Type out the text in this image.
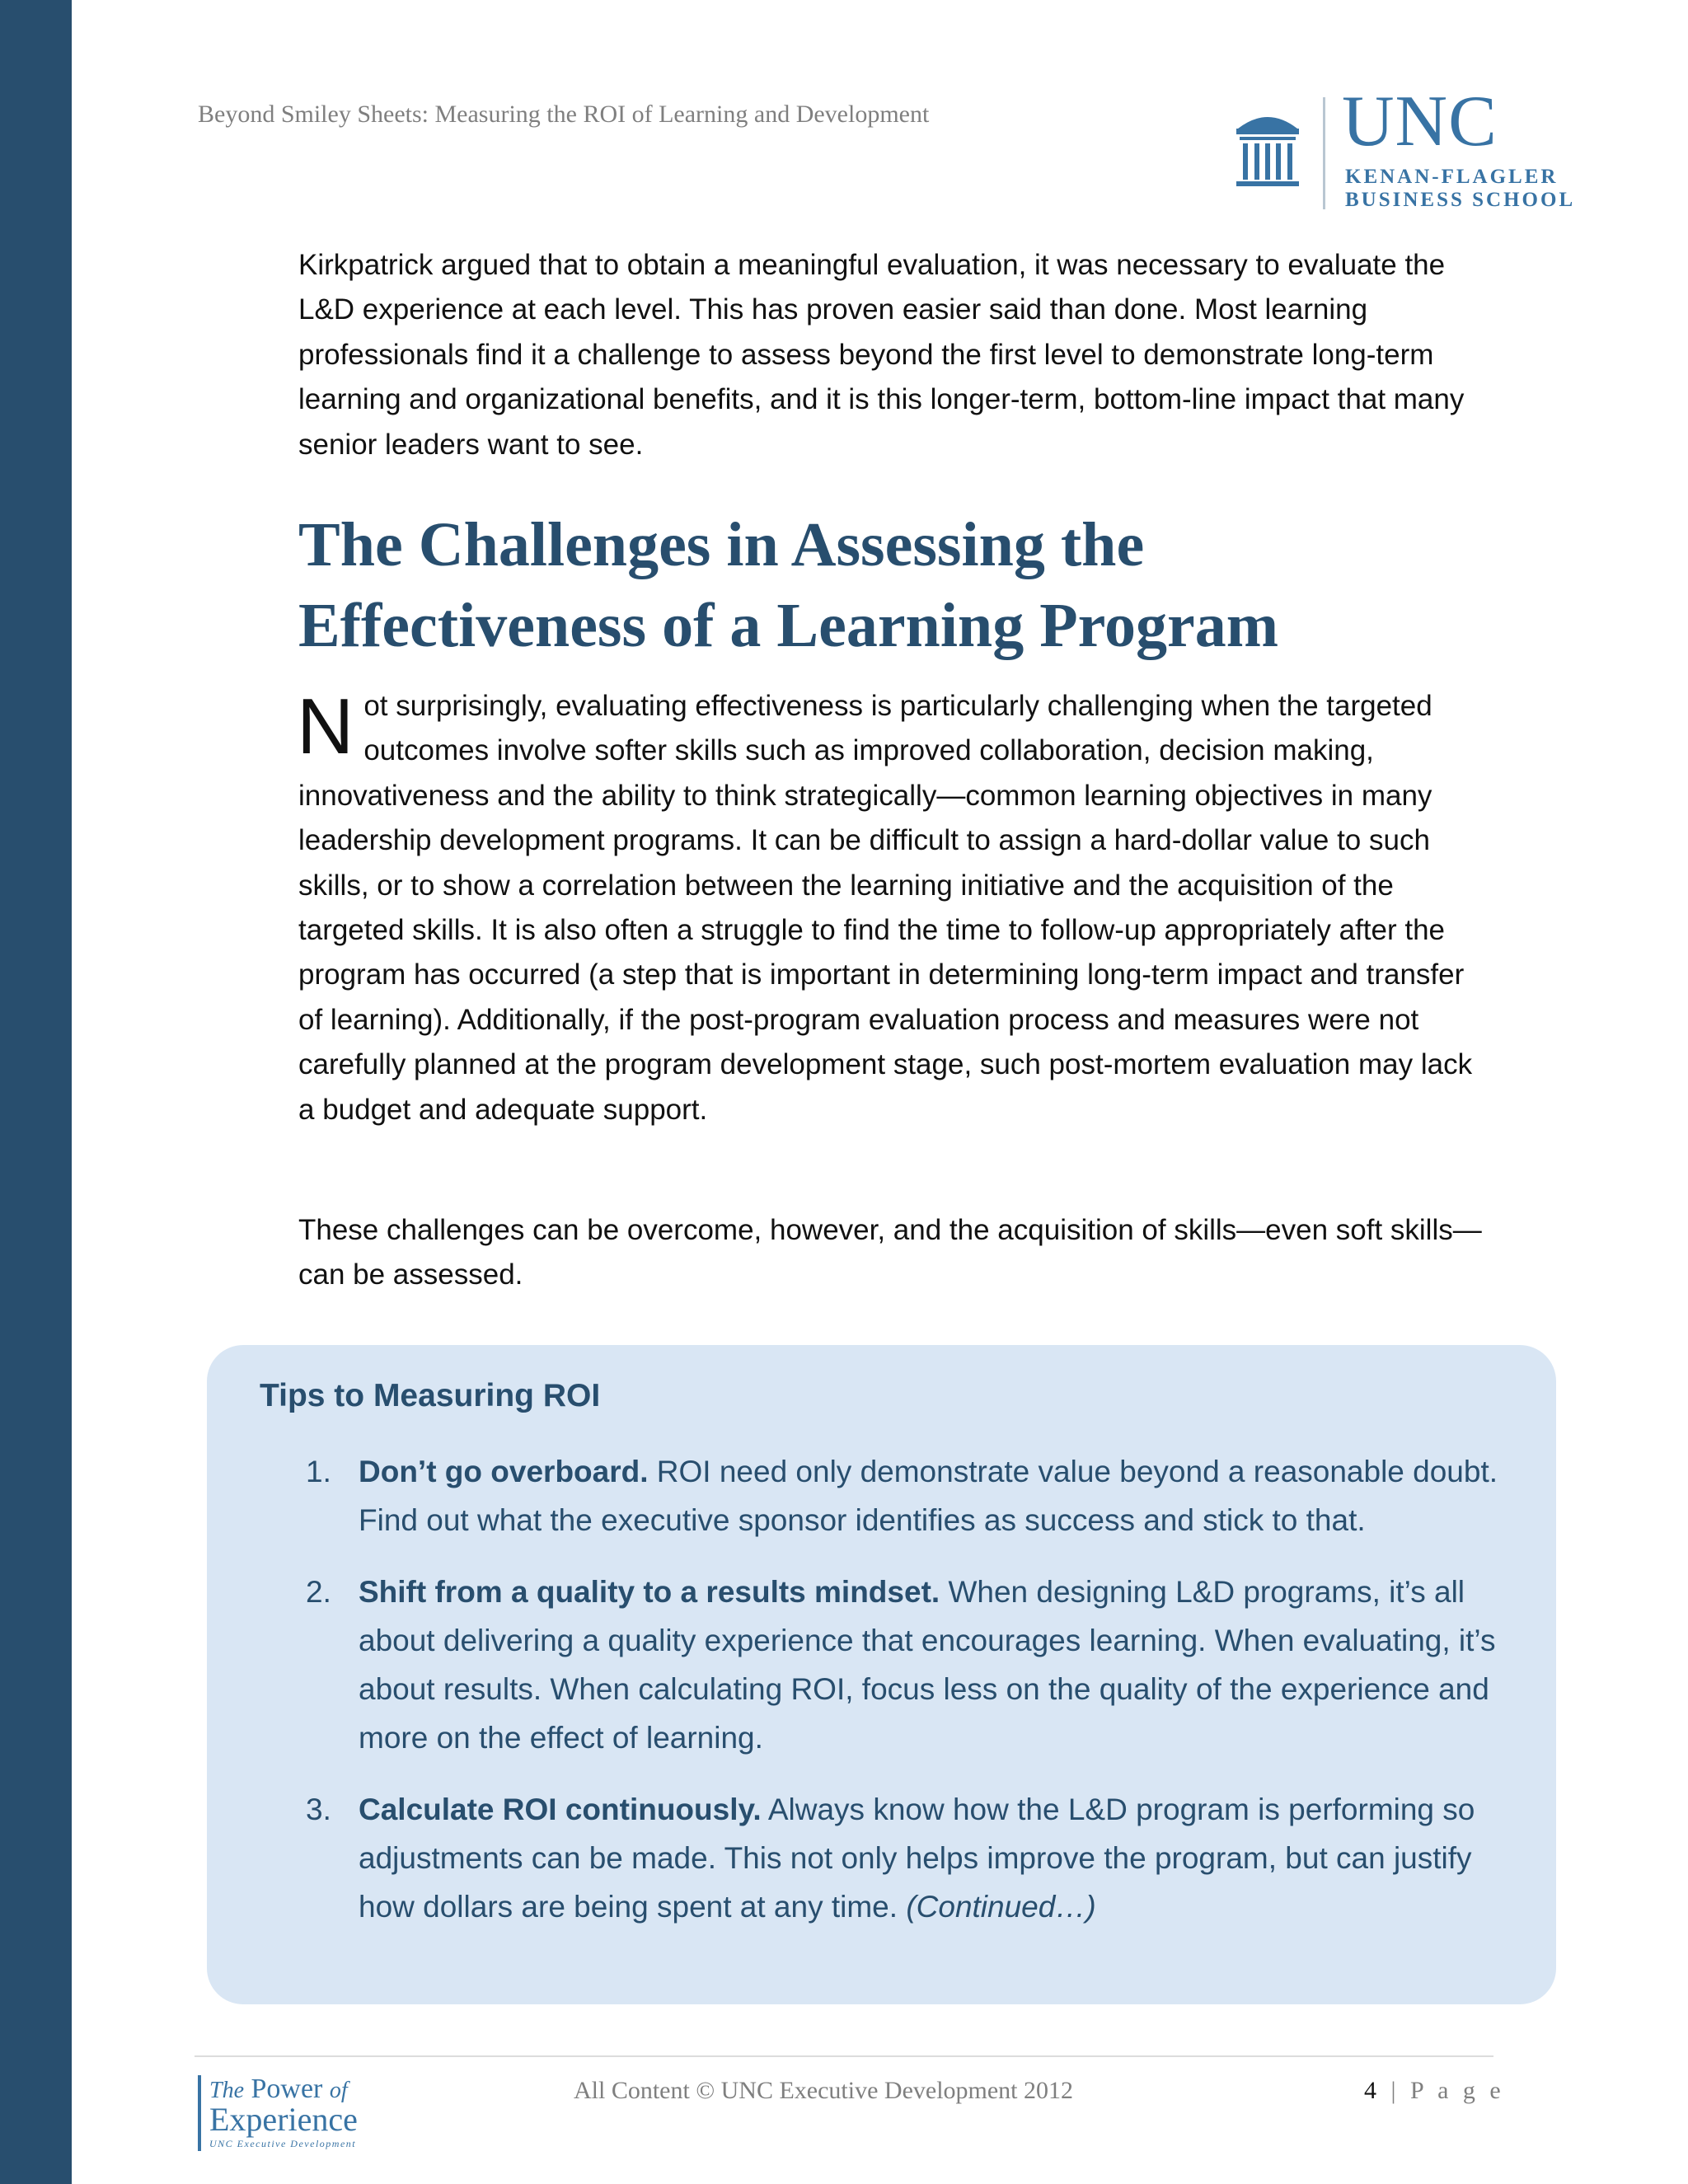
Beyond Smiley Sheets: Measuring the ROI of Learning and Development	UNC
KENAN-FLAGLER
BUSINESS SCHOOL

Kirkpatrick argued that to obtain a meaningful evaluation, it was necessary to evaluate the L&D experience at each level. This has proven easier said than done. Most learning professionals find it a challenge to assess beyond the first level to demonstrate long-term learning and organizational benefits, and it is this longer-term, bottom-line impact that many senior leaders want to see.

The Challenges in Assessing the Effectiveness of a Learning Program

Not surprisingly, evaluating effectiveness is particularly challenging when the targeted outcomes involve softer skills such as improved collaboration, decision making, innovativeness and the ability to think strategically—common learning objectives in many leadership development programs. It can be difficult to assign a hard-dollar value to such skills, or to show a correlation between the learning initiative and the acquisition of the targeted skills. It is also often a struggle to find the time to follow-up appropriately after the program has occurred (a step that is important in determining long-term impact and transfer of learning). Additionally, if the post-program evaluation process and measures were not carefully planned at the program development stage, such post-mortem evaluation may lack a budget and adequate support.

These challenges can be overcome, however, and the acquisition of skills—even soft skills—can be assessed.

Tips to Measuring ROI
1. Don’t go overboard. ROI need only demonstrate value beyond a reasonable doubt. Find out what the executive sponsor identifies as success and stick to that.
2. Shift from a quality to a results mindset. When designing L&D programs, it’s all about delivering a quality experience that encourages learning. When evaluating, it’s about results. When calculating ROI, focus less on the quality of the experience and more on the effect of learning.
3. Calculate ROI continuously. Always know how the L&D program is performing so adjustments can be made. This not only helps improve the program, but can justify how dollars are being spent at any time. (Continued…)
The Power of
Experience
UNC Executive Development
All Content © UNC Executive Development 2012	4 | P a g e
